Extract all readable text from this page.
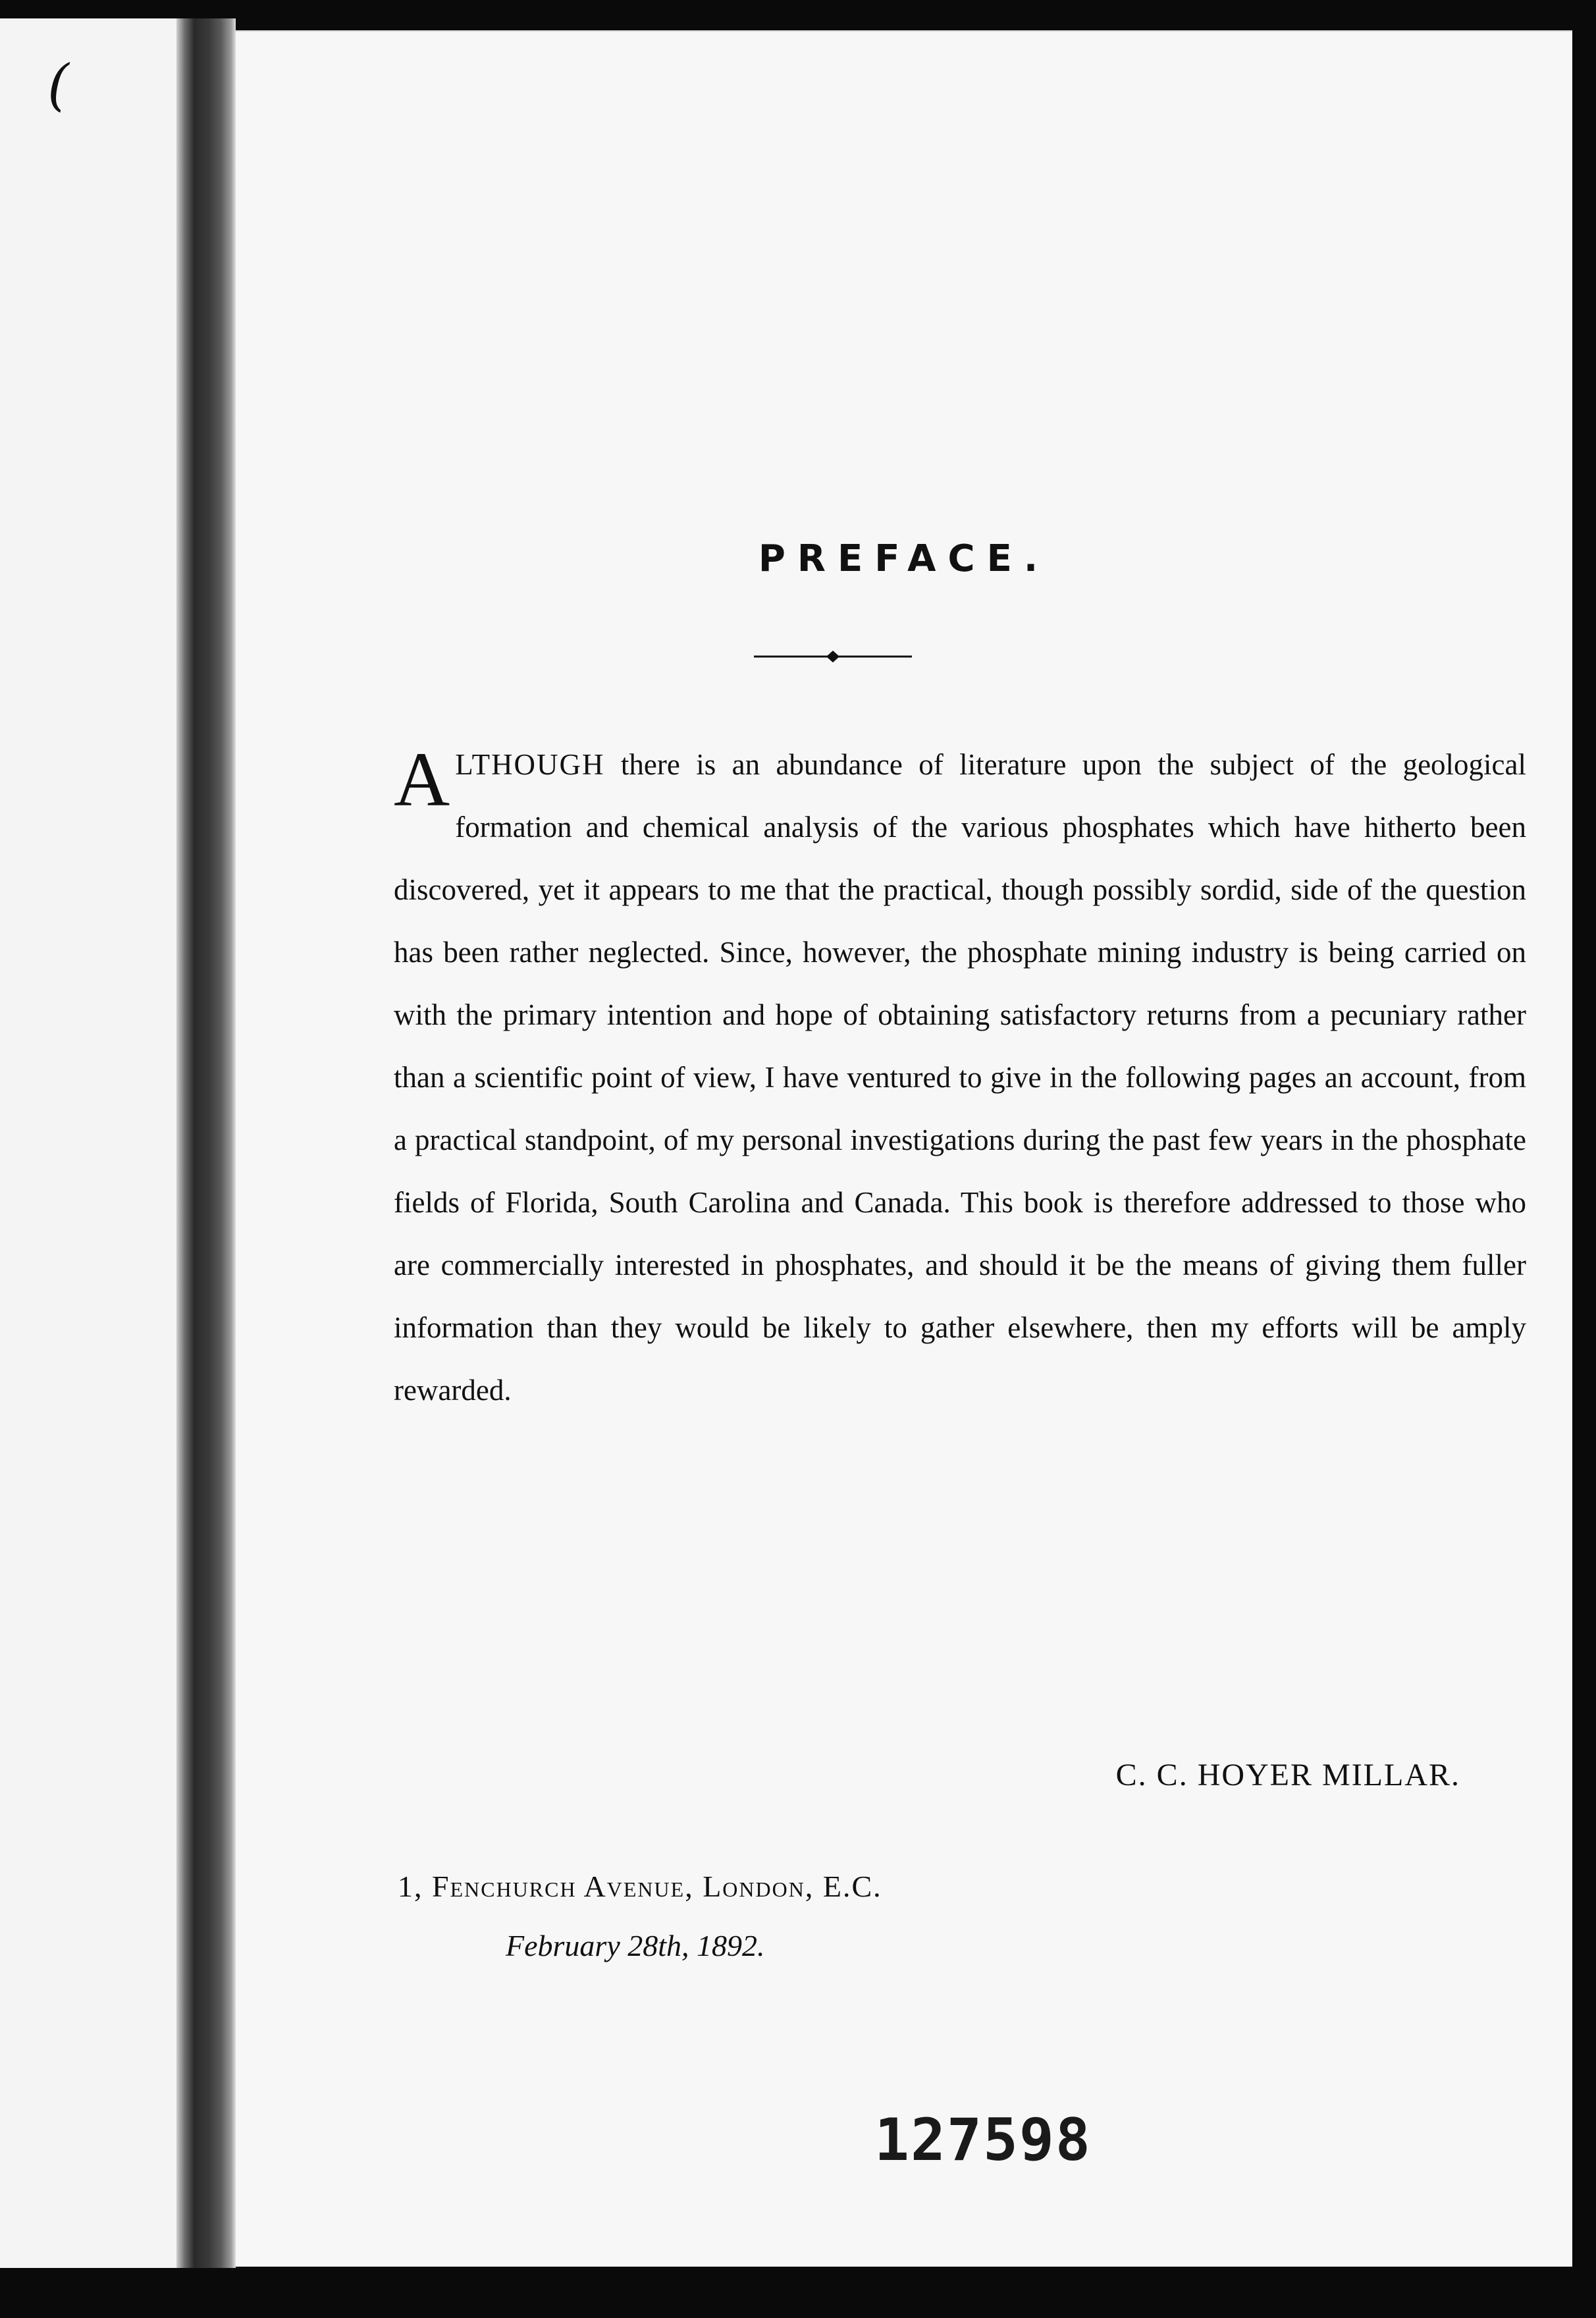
(
PREFACE.
ALTHOUGH there is an abundance of literature upon the subject of the geological formation and chemical analysis of the various phosphates which have hitherto been discovered, yet it appears to me that the practical, though possibly sordid, side of the question has been rather neglected. Since, however, the phosphate mining industry is being carried on with the primary intention and hope of obtaining satisfactory returns from a pecuniary rather than a scientific point of view, I have ventured to give in the following pages an account, from a practical standpoint, of my personal investigations during the past few years in the phosphate fields of Florida, South Carolina and Canada. This book is therefore addressed to those who are commercially interested in phosphates, and should it be the means of giving them fuller information than they would be likely to gather elsewhere, then my efforts will be amply rewarded.
C. C. HOYER MILLAR.
1, Fenchurch Avenue, London, E.C.
February 28th, 1892.
127598
